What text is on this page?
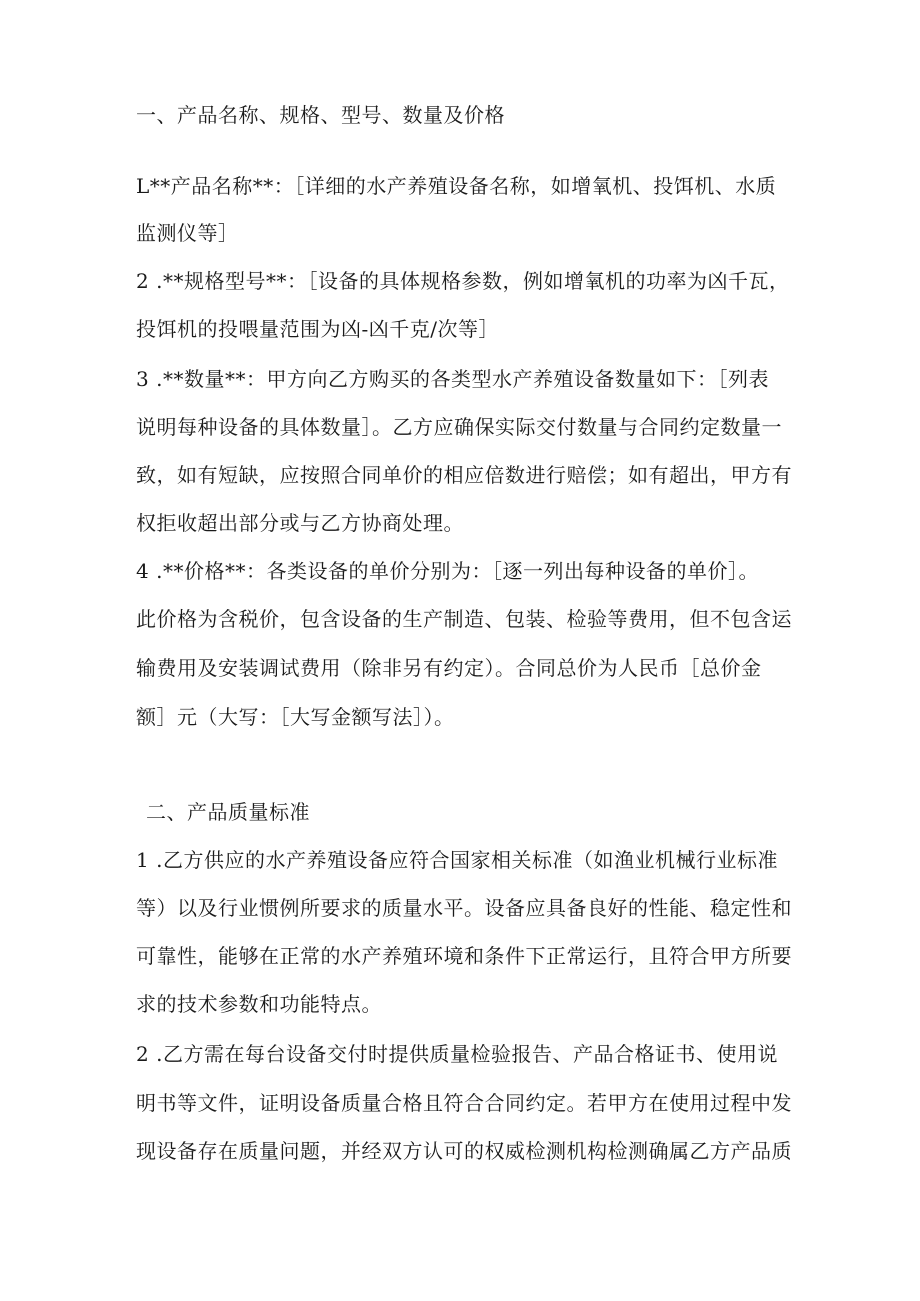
一、产品名称、规格、型号、数量及价格
L**产品名称**：［详细的水产养殖设备名称，如增氧机、投饵机、水质
监测仪等］
2 .**规格型号**：［设备的具体规格参数，例如增氧机的功率为凶千瓦，
投饵机的投喂量范围为凶-凶千克/次等］
3 .**数量**：甲方向乙方购买的各类型水产养殖设备数量如下：［列表
说明每种设备的具体数量］。乙方应确保实际交付数量与合同约定数量一
致，如有短缺，应按照合同单价的相应倍数进行赔偿；如有超出，甲方有
权拒收超出部分或与乙方协商处理。
4 .**价格**：各类设备的单价分别为：［逐一列出每种设备的单价］。
此价格为含税价，包含设备的生产制造、包装、检验等费用，但不包含运
输费用及安装调试费用（除非另有约定）。合同总价为人民币［总价金
额］元（大写：［大写金额写法］）。
二、产品质量标准
1 .乙方供应的水产养殖设备应符合国家相关标准（如渔业机械行业标准
等）以及行业惯例所要求的质量水平。设备应具备良好的性能、稳定性和
可靠性，能够在正常的水产养殖环境和条件下正常运行，且符合甲方所要
求的技术参数和功能特点。
2 .乙方需在每台设备交付时提供质量检验报告、产品合格证书、使用说
明书等文件，证明设备质量合格且符合合同约定。若甲方在使用过程中发
现设备存在质量问题，并经双方认可的权威检测机构检测确属乙方产品质
